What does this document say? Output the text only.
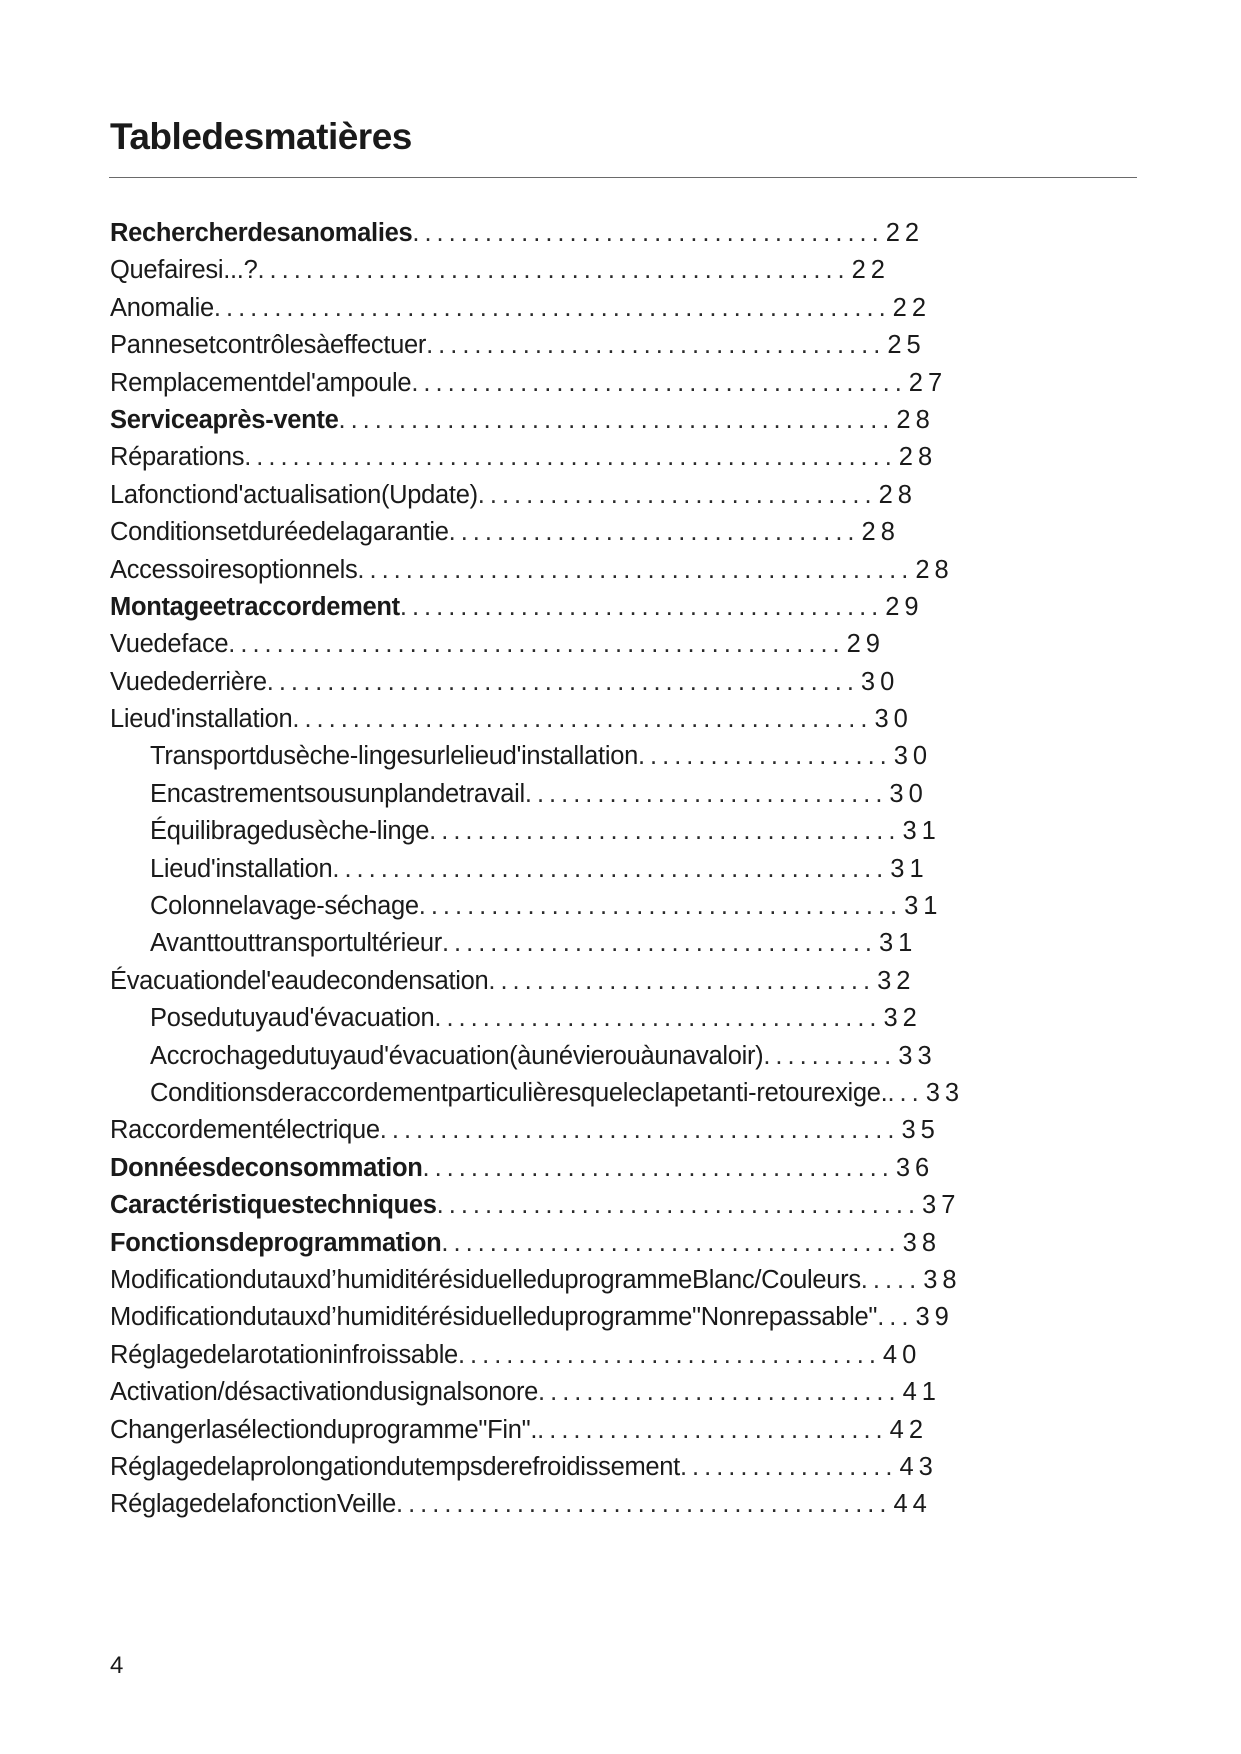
Tabledesmatières
Rechercherdesanomalies.......................................22
Quefairesi...?.................................................22
Anomalie........................................................22
Pannesetcontrôlesàeffectuer......................................25
Remplacementdel'ampoule.........................................27
Serviceaprès-vente..............................................28
Réparations......................................................28
Lafonctiond'actualisation(Update).................................28
Conditionsetduréedelagarantie..................................28
Accessoiresoptionnels..............................................28
Montageetraccordement........................................29
Vuedeface...................................................29
Vuedederrière.................................................30
Lieud'installation................................................30
Transportdusèche-lingesurlelieud'installation.....................30
Encastrementsousunplandetravail..............................30
Équilibragedusèche-linge.......................................31
Lieud'installation..............................................31
Colonnelavage-séchage........................................31
Avanttouttransportultérieur....................................31
Évacuationdel'eaudecondensation................................32
Posedutuyaud'évacuation.....................................32
Accrochagedutuyaud'évacuation(àunévierouàunavaloir)...........33
Conditionsderaccordementparticulièresqueleclapetanti-retourexige....33
Raccordementélectrique...........................................35
Donnéesdeconsommation.......................................36
Caractéristiquestechniques........................................37
Fonctionsdeprogrammation......................................38
Modificationdutauxd’humiditérésiduelleduprogrammeBlanc/Couleurs.....38
Modificationdutauxd’humiditérésiduelleduprogramme"Nonrepassable"...39
Réglagedelarotationinfroissable...................................40
Activation/désactivationdusignalsonore..............................41
Changerlasélectionduprogramme"Fin"..............................42
Réglagedelaprolongationdutempsderefroidissement..................43
RéglagedelafonctionVeille.........................................44
4
